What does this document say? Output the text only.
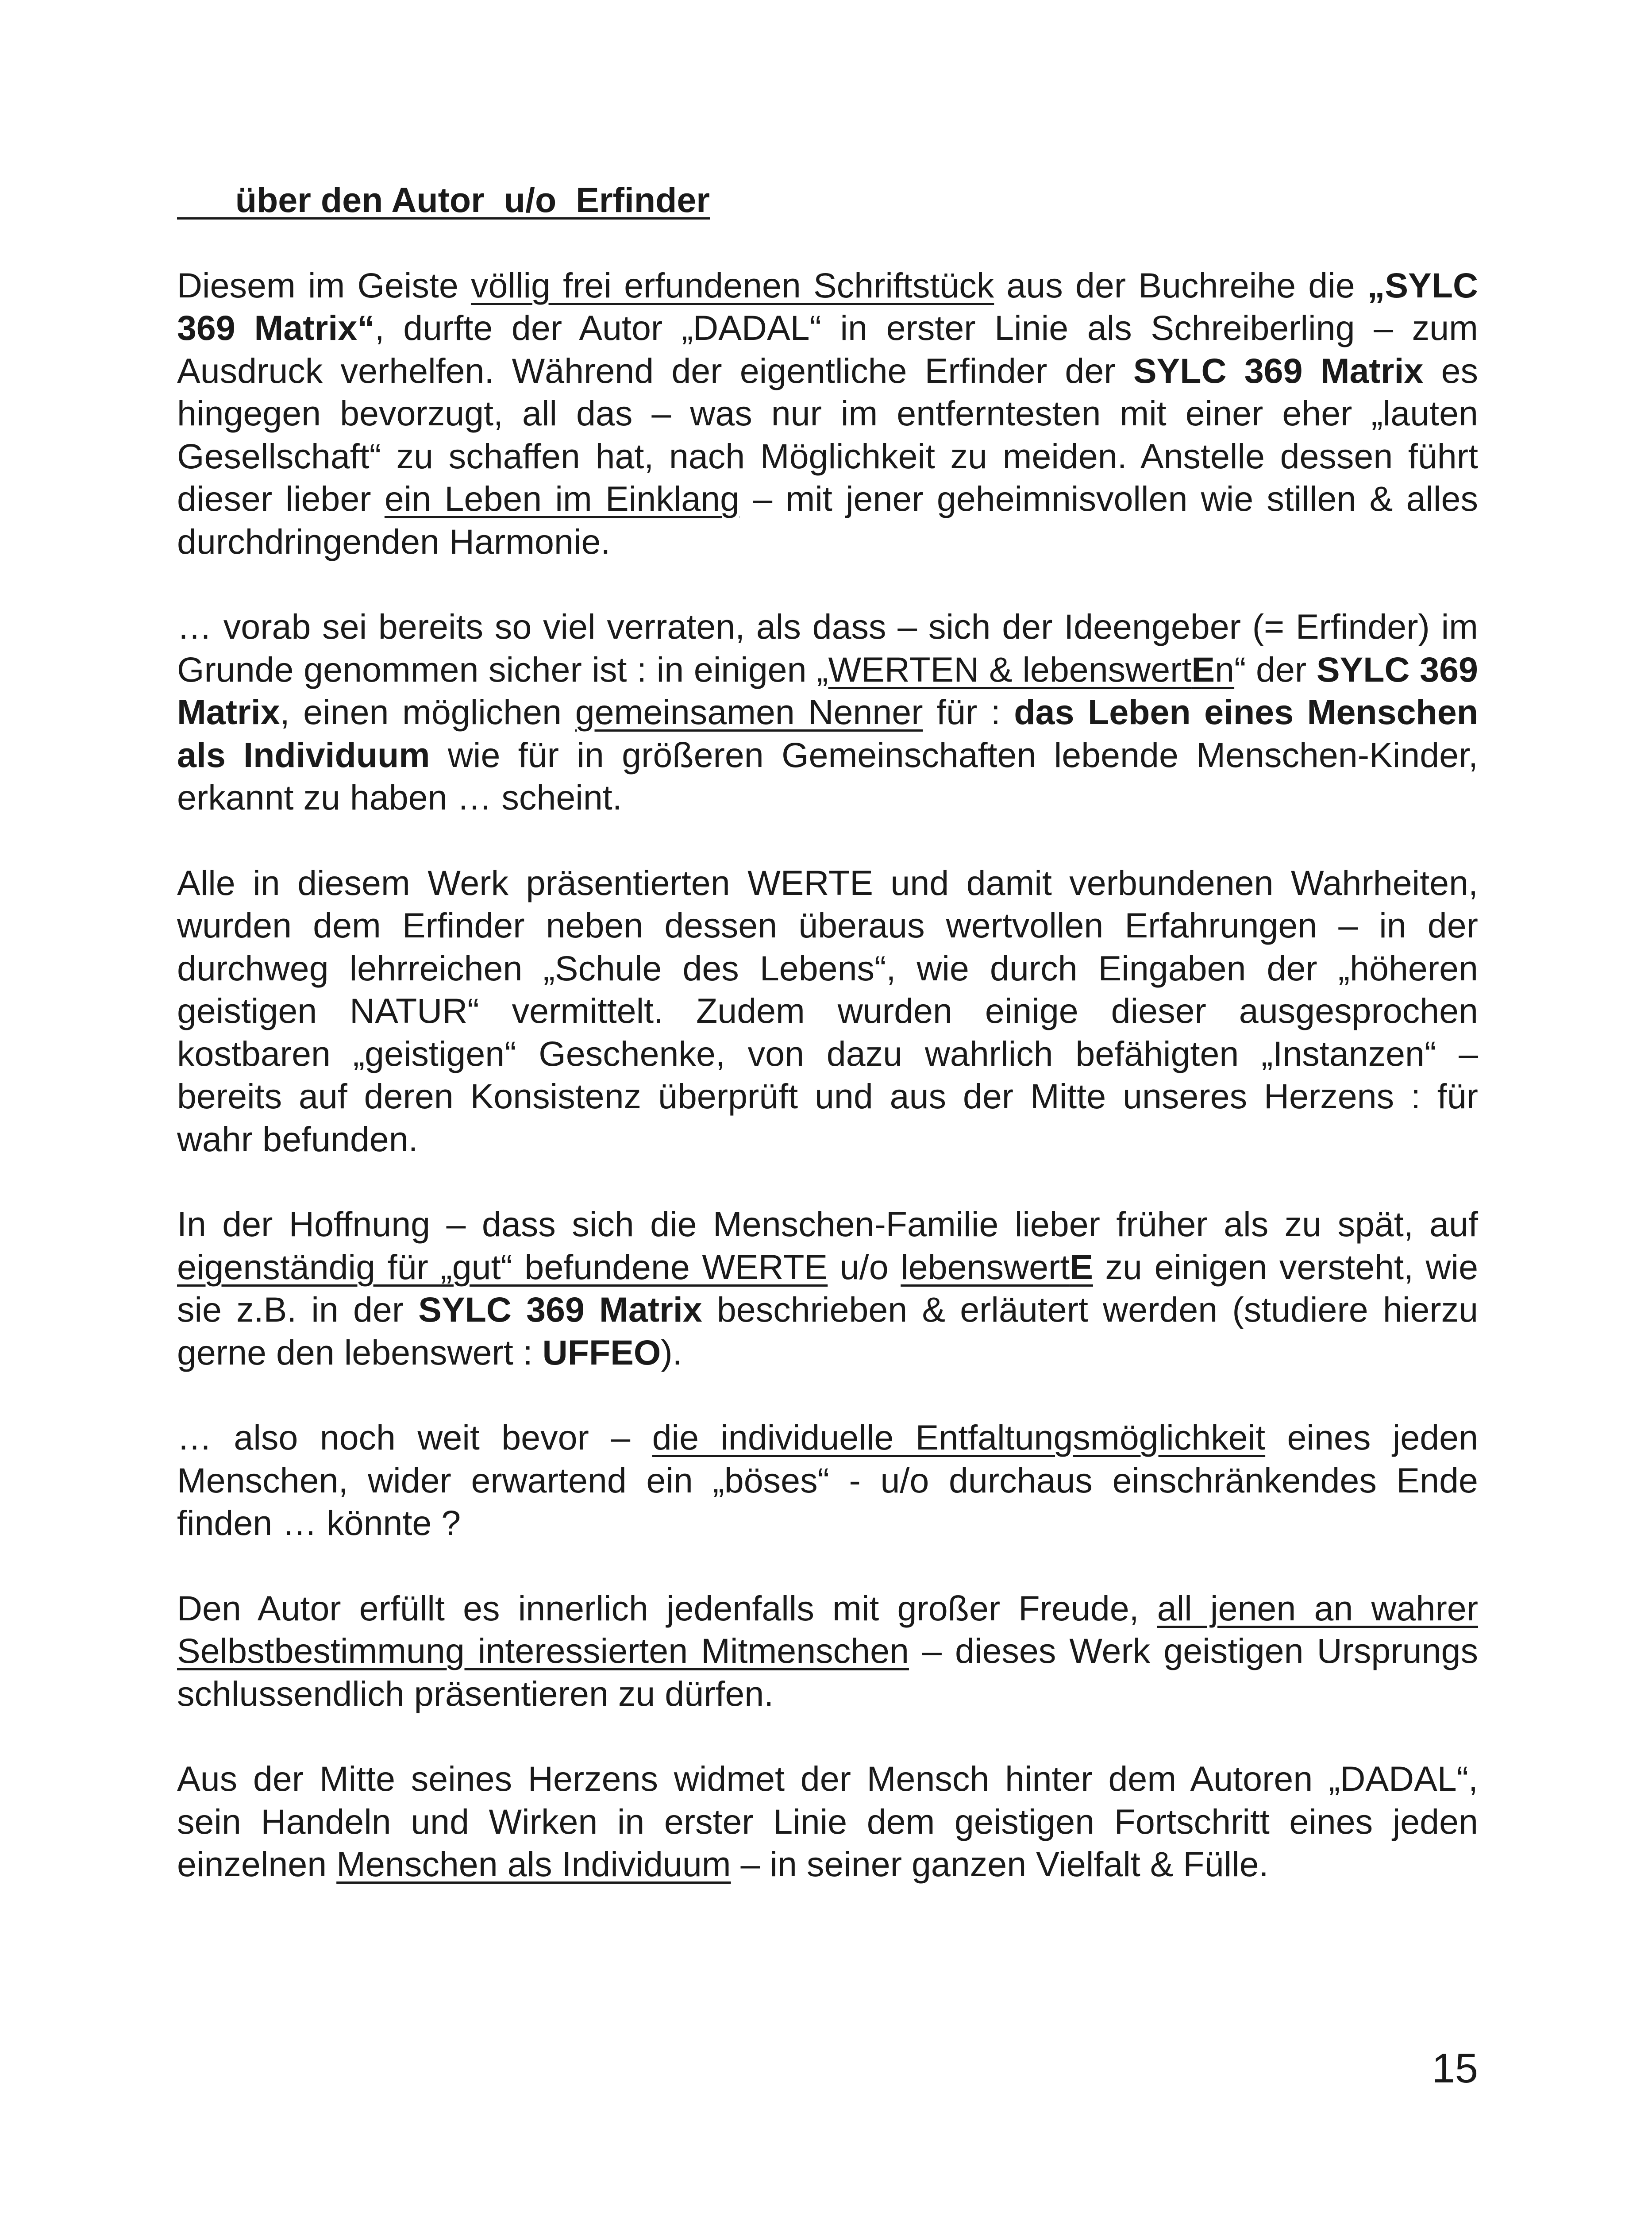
über den Autor  u/o  Erfinder

Diesem im Geiste völlig frei erfundenen Schriftstück aus der Buchreihe die „SYLC 369 Matrix“, durfte der Autor „DADAL“ in erster Linie als Schreiberling – zum Ausdruck verhelfen. Während der eigentliche Erfinder der SYLC 369 Matrix es hingegen bevorzugt, all das – was nur im entferntesten mit einer eher „lauten Gesellschaft“ zu schaffen hat, nach Möglichkeit zu meiden. Anstelle dessen führt dieser lieber ein Leben im Einklang – mit jener geheimnisvollen wie stillen & alles durchdringenden Harmonie.

… vorab sei bereits so viel verraten, als dass – sich der Ideengeber (= Erfinder) im Grunde genommen sicher ist : in einigen „WERTEN & lebenswertEn“ der SYLC 369 Matrix, einen möglichen gemeinsamen Nenner für : das Leben eines Menschen als Individuum wie für in größeren Gemeinschaften lebende Menschen-Kinder, erkannt zu haben … scheint.

Alle in diesem Werk präsentierten WERTE und damit verbundenen Wahrheiten, wurden dem Erfinder neben dessen überaus wertvollen Erfahrungen – in der durchweg lehrreichen „Schule des Lebens“, wie durch Eingaben der „höheren geistigen NATUR“ vermittelt. Zudem wurden einige dieser ausgesprochen kostbaren „geistigen“ Geschenke, von dazu wahrlich befähigten „Instanzen“ – bereits auf deren Konsistenz überprüft und aus der Mitte unseres Herzens : für wahr befunden.

In der Hoffnung – dass sich die Menschen-Familie lieber früher als zu spät, auf eigenständig für „gut“ befundene WERTE u/o lebenswertE zu einigen versteht, wie sie z.B. in der SYLC 369 Matrix beschrieben & erläutert werden (studiere hierzu gerne den lebenswert : UFFEO).

… also noch weit bevor – die individuelle Entfaltungsmöglichkeit eines jeden Menschen, wider erwartend ein „böses“ - u/o durchaus einschränkendes Ende finden … könnte ?

Den Autor erfüllt es innerlich jedenfalls mit großer Freude, all jenen an wahrer Selbstbestimmung interessierten Mitmenschen – dieses Werk geistigen Ursprungs schlussendlich präsentieren zu dürfen.

Aus der Mitte seines Herzens widmet der Mensch hinter dem Autoren „DADAL“, sein Handeln und Wirken in erster Linie dem geistigen Fortschritt eines jeden einzelnen Menschen als Individuum – in seiner ganzen Vielfalt & Fülle.

15
